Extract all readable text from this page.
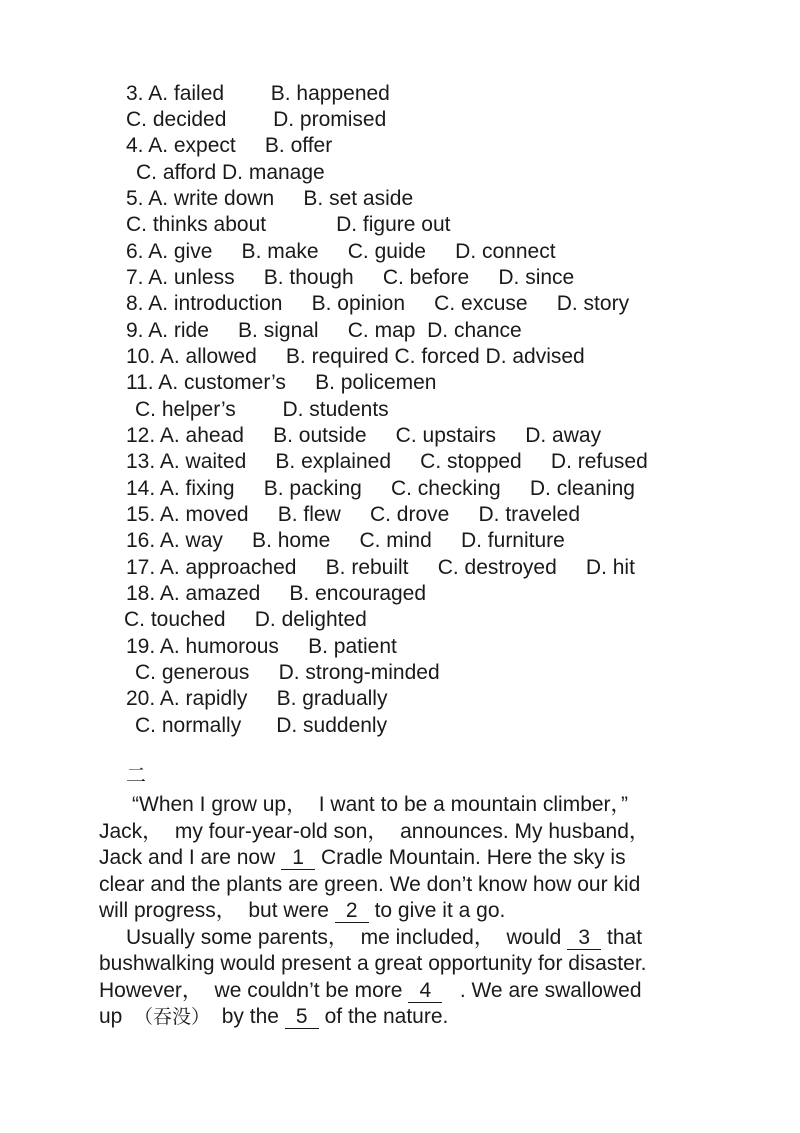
3. A. failed        B. happened
C. decided        D. promised
4. A. expect     B. offer
C. afford D. manage
5. A. write down     B. set aside
C. thinks about            D. figure out
6. A. give     B. make     C. guide     D. connect
7. A. unless     B. though     C. before     D. since
8. A. introduction     B. opinion     C. excuse     D. story
9. A. ride     B. signal     C. map  D. chance
10. A. allowed     B. required C. forced D. advised
11. A. customer’s     B. policemen
C. helper’s        D. students
12. A. ahead     B. outside     C. upstairs     D. away
13. A. waited     B. explained     C. stopped     D. refused
14. A. fixing     B. packing     C. checking     D. cleaning
15. A. moved     B. flew     C. drove     D. traveled
16. A. way     B. home     C. mind     D. furniture
17. A. approached     B. rebuilt     C. destroyed     D. hit
18. A. amazed     B. encouraged
C. touched     D. delighted
19. A. humorous     B. patient
C. generous     D. strong-minded
20. A. rapidly     B. gradually
C. normally      D. suddenly
二
“When I grow up，  I want to be a mountain climber，”
Jack，  my four-year-old son，  announces. My husband，
Jack and I are now 1 Cradle Mountain. Here the sky is
clear and the plants are green. We don’t know how our kid
will progress，  but were 2 to give it a go.
Usually some parents，  me included，  would 3 that
bushwalking would present a great opportunity for disaster.
However，  we couldn’t be more 4   . We are swallowed
up  （吞没）  by the 5 of the nature.
